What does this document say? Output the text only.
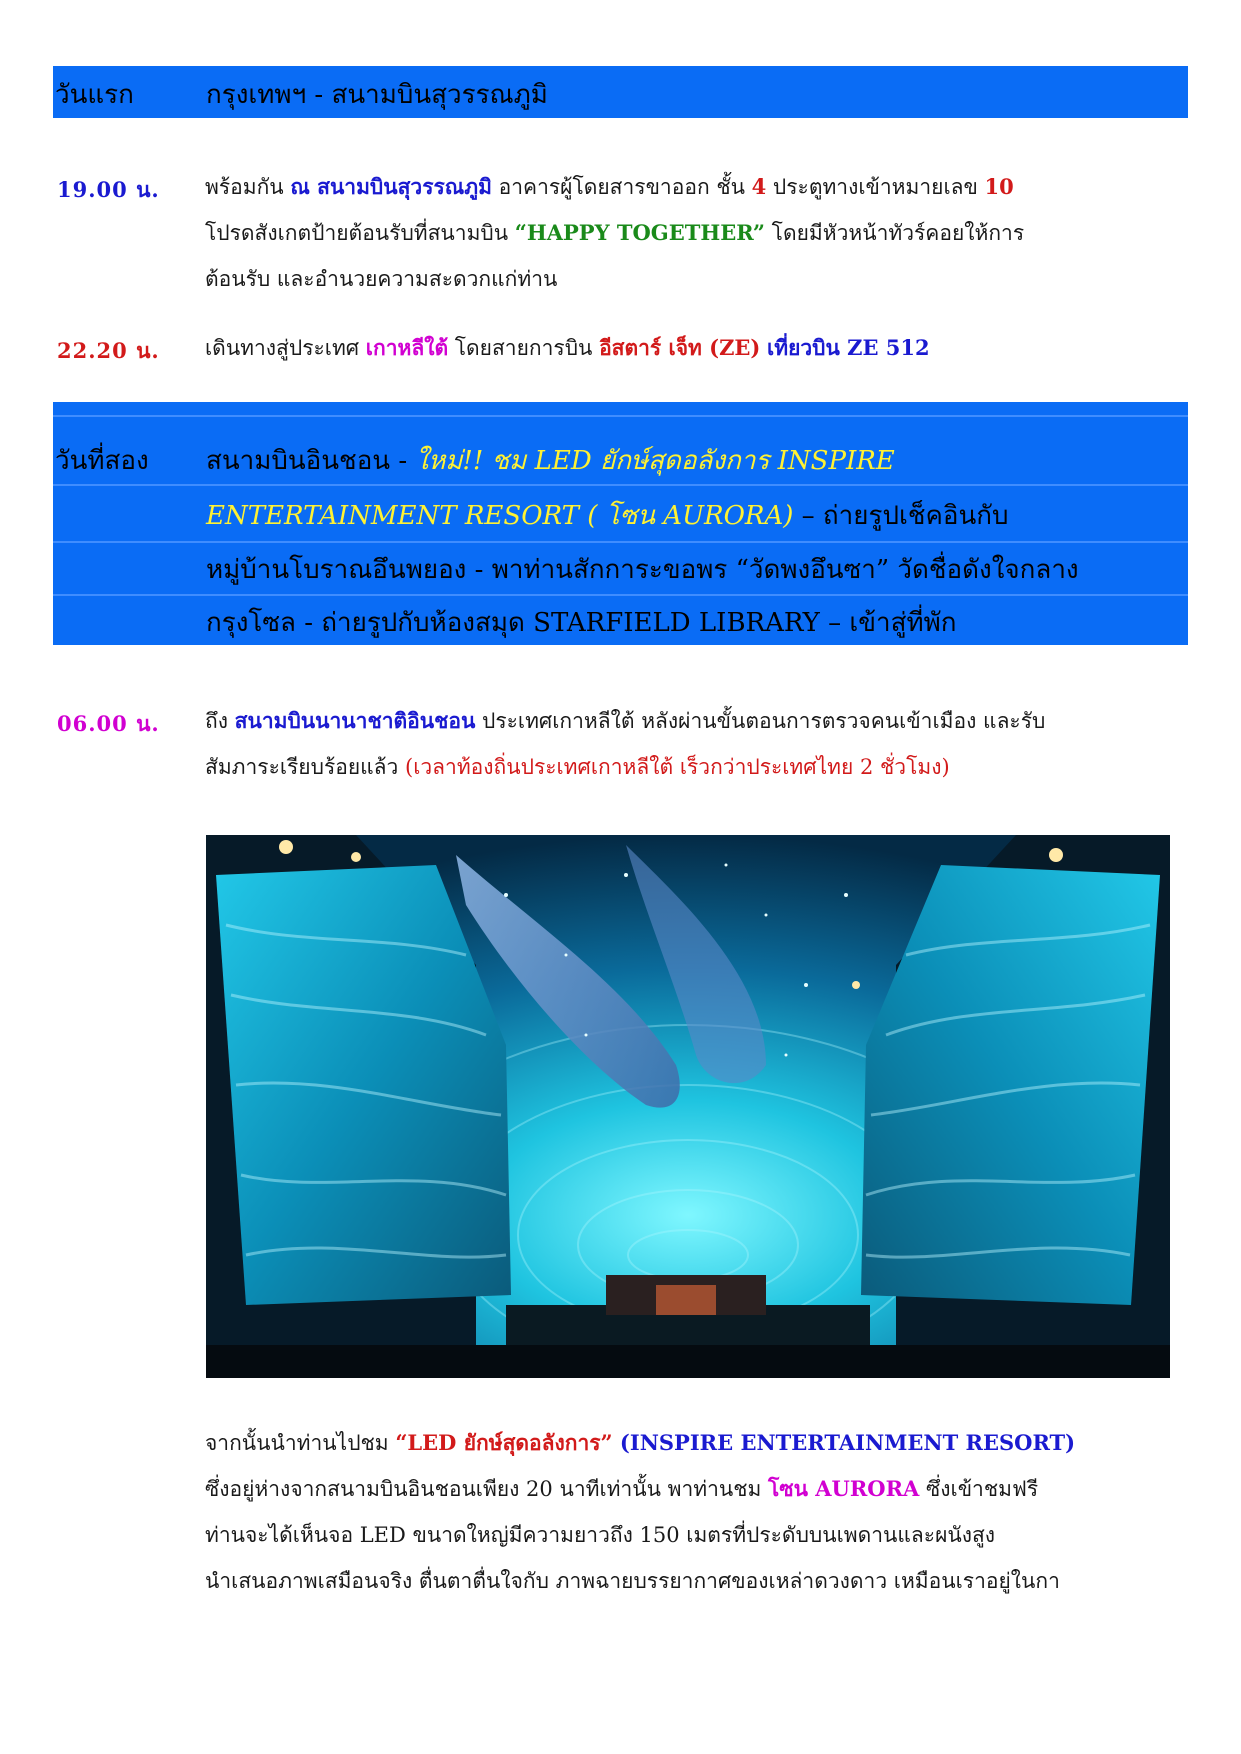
วันแรก	กรุงเทพฯ - สนามบินสุวรรณภูมิ
19.00 น. พร้อมกัน ณ สนามบินสุวรรณภูมิ อาคารผู้โดยสารขาออก ชั้น 4 ประตูทางเข้าหมายเลข 10
โปรดสังเกตป้ายต้อนรับที่สนามบิน “HAPPY TOGETHER” โดยมีหัวหน้าทัวร์คอยให้การ
ต้อนรับ และอำนวยความสะดวกแก่ท่าน
22.20 น. เดินทางสู่ประเทศ เกาหลีใต้ โดยสายการบิน อีสตาร์ เจ็ท (ZE) เที่ยวบิน ZE 512
วันที่สอง สนามบินอินชอน - ใหม่!! ชม LED ยักษ์สุดอลังการ INSPIRE
ENTERTAINMENT RESORT ( โซน AURORA) – ถ่ายรูปเช็คอินกับ
หมู่บ้านโบราณอึนพยอง - พาท่านสักการะขอพร “วัดพงอึนซา” วัดชื่อดังใจกลาง
กรุงโซล - ถ่ายรูปกับห้องสมุด STARFIELD LIBRARY – เข้าสู่ที่พัก
06.00 น. ถึง สนามบินนานาชาติอินชอน ประเทศเกาหลีใต้ หลังผ่านขั้นตอนการตรวจคนเข้าเมือง และรับ
สัมภาระเรียบร้อยแล้ว (เวลาท้องถิ่นประเทศเกาหลีใต้ เร็วกว่าประเทศไทย 2 ชั่วโมง)
จากนั้นนำท่านไปชม “LED ยักษ์สุดอลังการ” (INSPIRE ENTERTAINMENT RESORT)
ซึ่งอยู่ห่างจากสนามบินอินชอนเพียง 20 นาทีเท่านั้น พาท่านชม โซน AURORA ซึ่งเข้าชมฟรี
ท่านจะได้เห็นจอ LED ขนาดใหญ่มีความยาวถึง 150 เมตรที่ประดับบนเพดานและผนังสูง
นำเสนอภาพเสมือนจริง ตื่นตาตื่นใจกับ ภาพฉายบรรยากาศของเหล่าดวงดาว เหมือนเราอยู่ในกา
